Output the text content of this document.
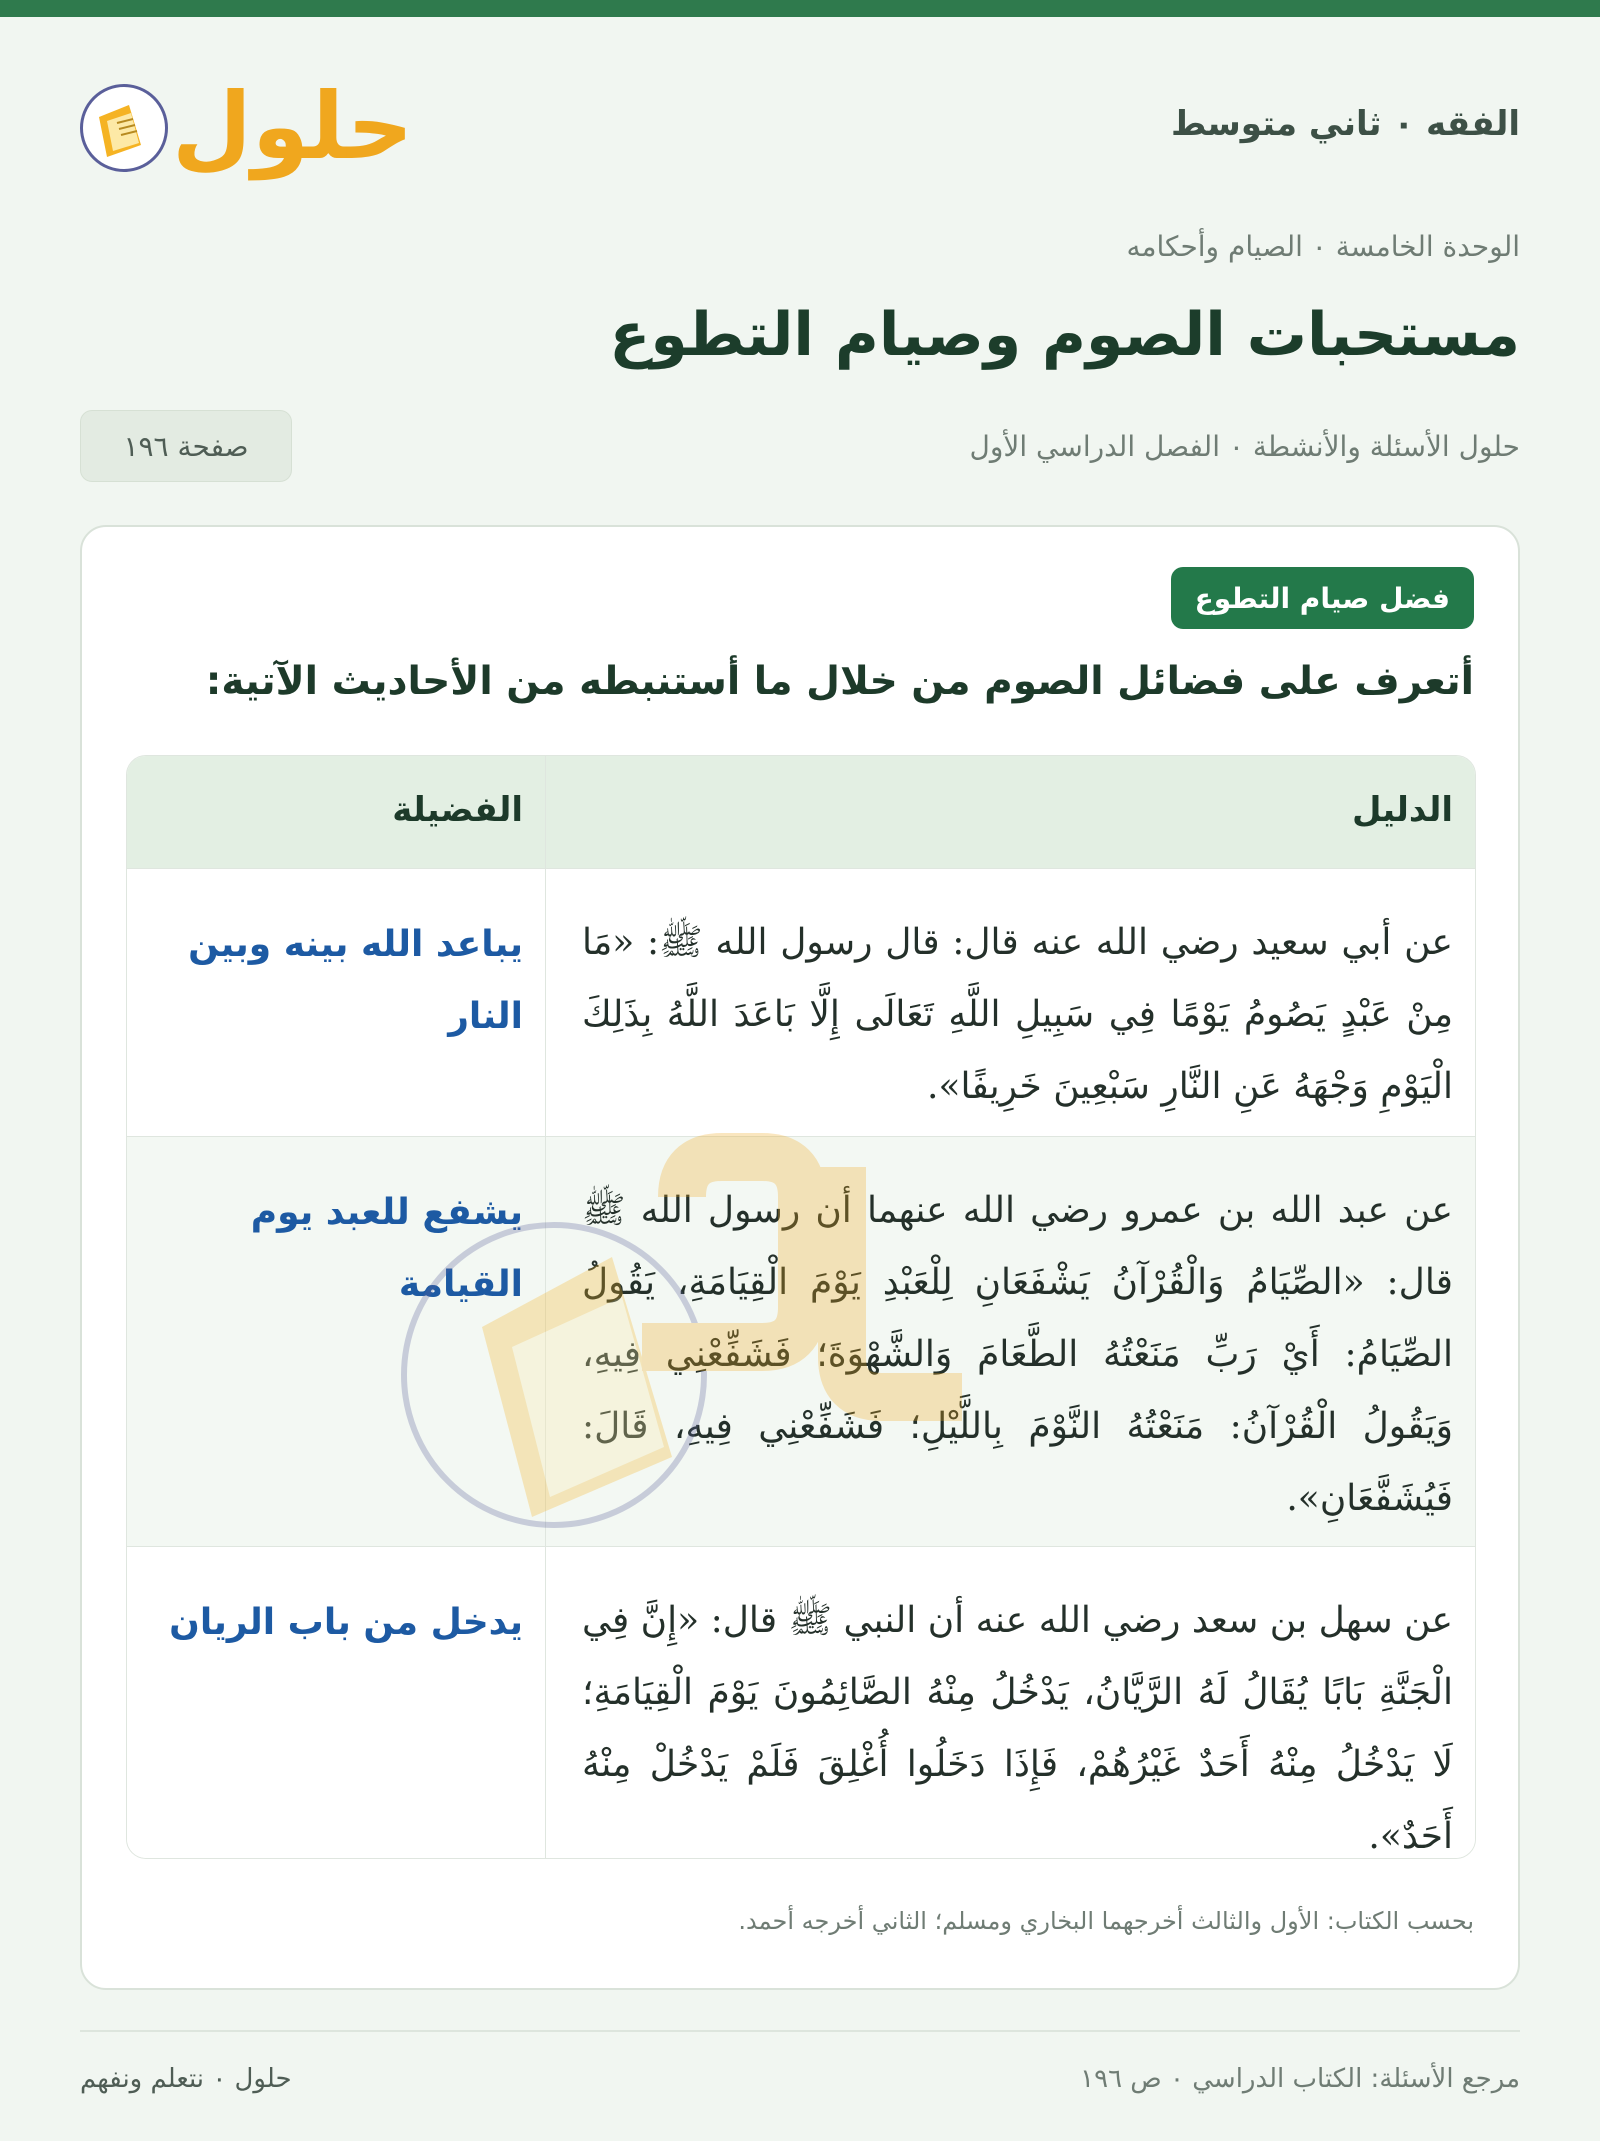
حلول	الفقه ٠ ثاني متوسط
الوحدة الخامسة ٠ الصيام وأحكامه
مستحبات الصوم وصيام التطوع
حلول الأسئلة والأنشطة ٠ الفصل الدراسي الأول
صفحة ١٩٦
فضل صيام التطوع
أتعرف على فضائل الصوم من خلال ما أستنبطه من الأحاديث الآتية:
الدليل
الفضيلة

عن أبي سعيد رضي الله عنه قال: قال رسول الله ﷺ: «مَا مِنْ عَبْدٍ يَصُومُ يَوْمًا فِي سَبِيلِ اللَّهِ تَعَالَى إِلَّا بَاعَدَ اللَّهُ بِذَلِكَ الْيَوْمِ وَجْهَهُ عَنِ النَّارِ سَبْعِينَ خَرِيفًا».

يباعد الله بينه وبين النار

عن عبد الله بن عمرو رضي الله عنهما أن رسول الله ﷺ قال: «الصِّيَامُ وَالْقُرْآنُ يَشْفَعَانِ لِلْعَبْدِ يَوْمَ الْقِيَامَةِ، يَقُولُ الصِّيَامُ: أَيْ رَبِّ مَنَعْتُهُ الطَّعَامَ وَالشَّهْوَةَ؛ فَشَفِّعْنِي فِيهِ، وَيَقُولُ الْقُرْآنُ: مَنَعْتُهُ النَّوْمَ بِاللَّيْلِ؛ فَشَفِّعْنِي فِيهِ، قَالَ: فَيُشَفَّعَانِ».

يشفع للعبد يوم القيامة

عن سهل بن سعد رضي الله عنه أن النبي ﷺ قال: «إِنَّ فِي الْجَنَّةِ بَابًا يُقَالُ لَهُ الرَّيَّانُ، يَدْخُلُ مِنْهُ الصَّائِمُونَ يَوْمَ الْقِيَامَةِ؛ لَا يَدْخُلُ مِنْهُ أَحَدٌ غَيْرُهُمْ، فَإِذَا دَخَلُوا أُغْلِقَ فَلَمْ يَدْخُلْ مِنْهُ أَحَدٌ».

يدخل من باب الريان

بحسب الكتاب: الأول والثالث أخرجهما البخاري ومسلم؛ الثاني أخرجه أحمد.
مرجع الأسئلة: الكتاب الدراسي ٠ ص ١٩٦
حلول ٠ نتعلم ونفهم
